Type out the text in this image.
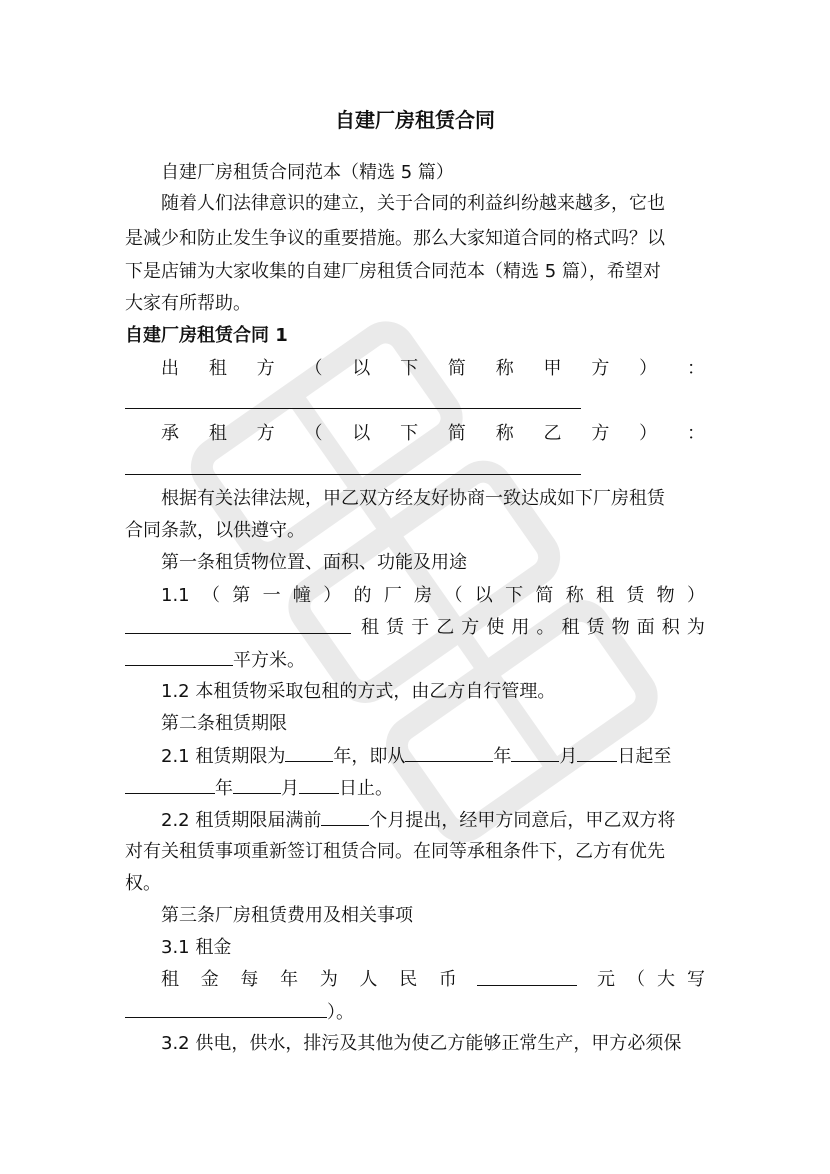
自建厂房租赁合同
自建厂房租赁合同范本（精选 5 篇）
随着人们法律意识的建立，关于合同的利益纠纷越来越多，它也
是减少和防止发生争议的重要措施。那么大家知道合同的格式吗？以
下是店铺为大家收集的自建厂房租赁合同范本（精选 5 篇），希望对
大家有所帮助。
自建厂房租赁合同 1
出 租 方 （ 以 下 简 称 甲 方 ） ：
承 租 方 （ 以 下 简 称 乙 方 ） ：
根据有关法律法规，甲乙双方经友好协商一致达成如下厂房租赁
合同条款，以供遵守。
第一条租赁物位置、面积、功能及用途
1.1 （ 第 一 幢 ） 的 厂 房 （ 以 下 简 称 租 赁 物 ）
租 赁 于 乙 方 使 用 。 租 赁 物 面 积 为
平方米。
1.2 本租赁物采取包租的方式，由乙方自行管理。
第二条租赁期限
2.1 租赁期限为	年，即从	年	月 日起至
年	月 日止。
2.2 租赁期限届满前	个月提出，经甲方同意后，甲乙双方将
对有关租赁事项重新签订租赁合同。在同等承租条件下，乙方有优先
权。
第三条厂房租赁费用及相关事项
3.1 租金
租 金 每 年 为 人 民 币	元 （ 大 写
）。
3.2 供电，供水，排污及其他为使乙方能够正常生产，甲方必须保
